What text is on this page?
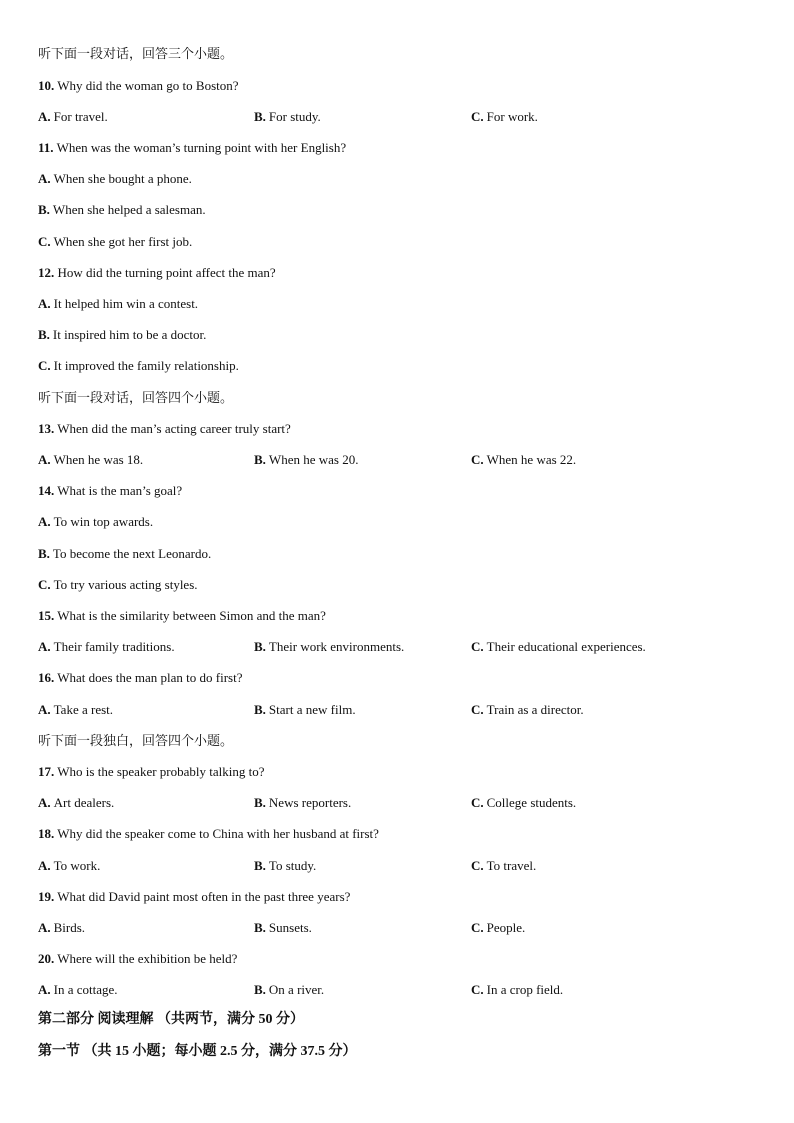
听下面一段对话，回答三个小题。
10. Why did the woman go to Boston?
A. For travel.	B. For study.	C. For work.
11. When was the woman’s turning point with her English?
A. When she bought a phone.
B. When she helped a salesman.
C. When she got her first job.
12. How did the turning point affect the man?
A. It helped him win a contest.
B. It inspired him to be a doctor.
C. It improved the family relationship.
听下面一段对话，回答四个小题。
13. When did the man’s acting career truly start?
A. When he was 18.	B. When he was 20.	C. When he was 22.
14. What is the man’s goal?
A. To win top awards.
B. To become the next Leonardo.
C. To try various acting styles.
15. What is the similarity between Simon and the man?
A. Their family traditions.	B. Their work environments.	C. Their educational experiences.
16. What does the man plan to do first?
A. Take a rest.	B. Start a new film.	C. Train as a director.
听下面一段独白，回答四个小题。
17. Who is the speaker probably talking to?
A. Art dealers.	B. News reporters.	C. College students.
18. Why did the speaker come to China with her husband at first?
A. To work.	B. To study.	C. To travel.
19. What did David paint most often in the past three years?
A. Birds.	B. Sunsets.	C. People.
20. Where will the exhibition be held?
A. In a cottage.	B. On a river.	C. In a crop field.
第二部分 阅读理解 （共两节，满分 50 分）
第一节 （共 15 小题；每小题 2.5 分，满分 37.5 分）
